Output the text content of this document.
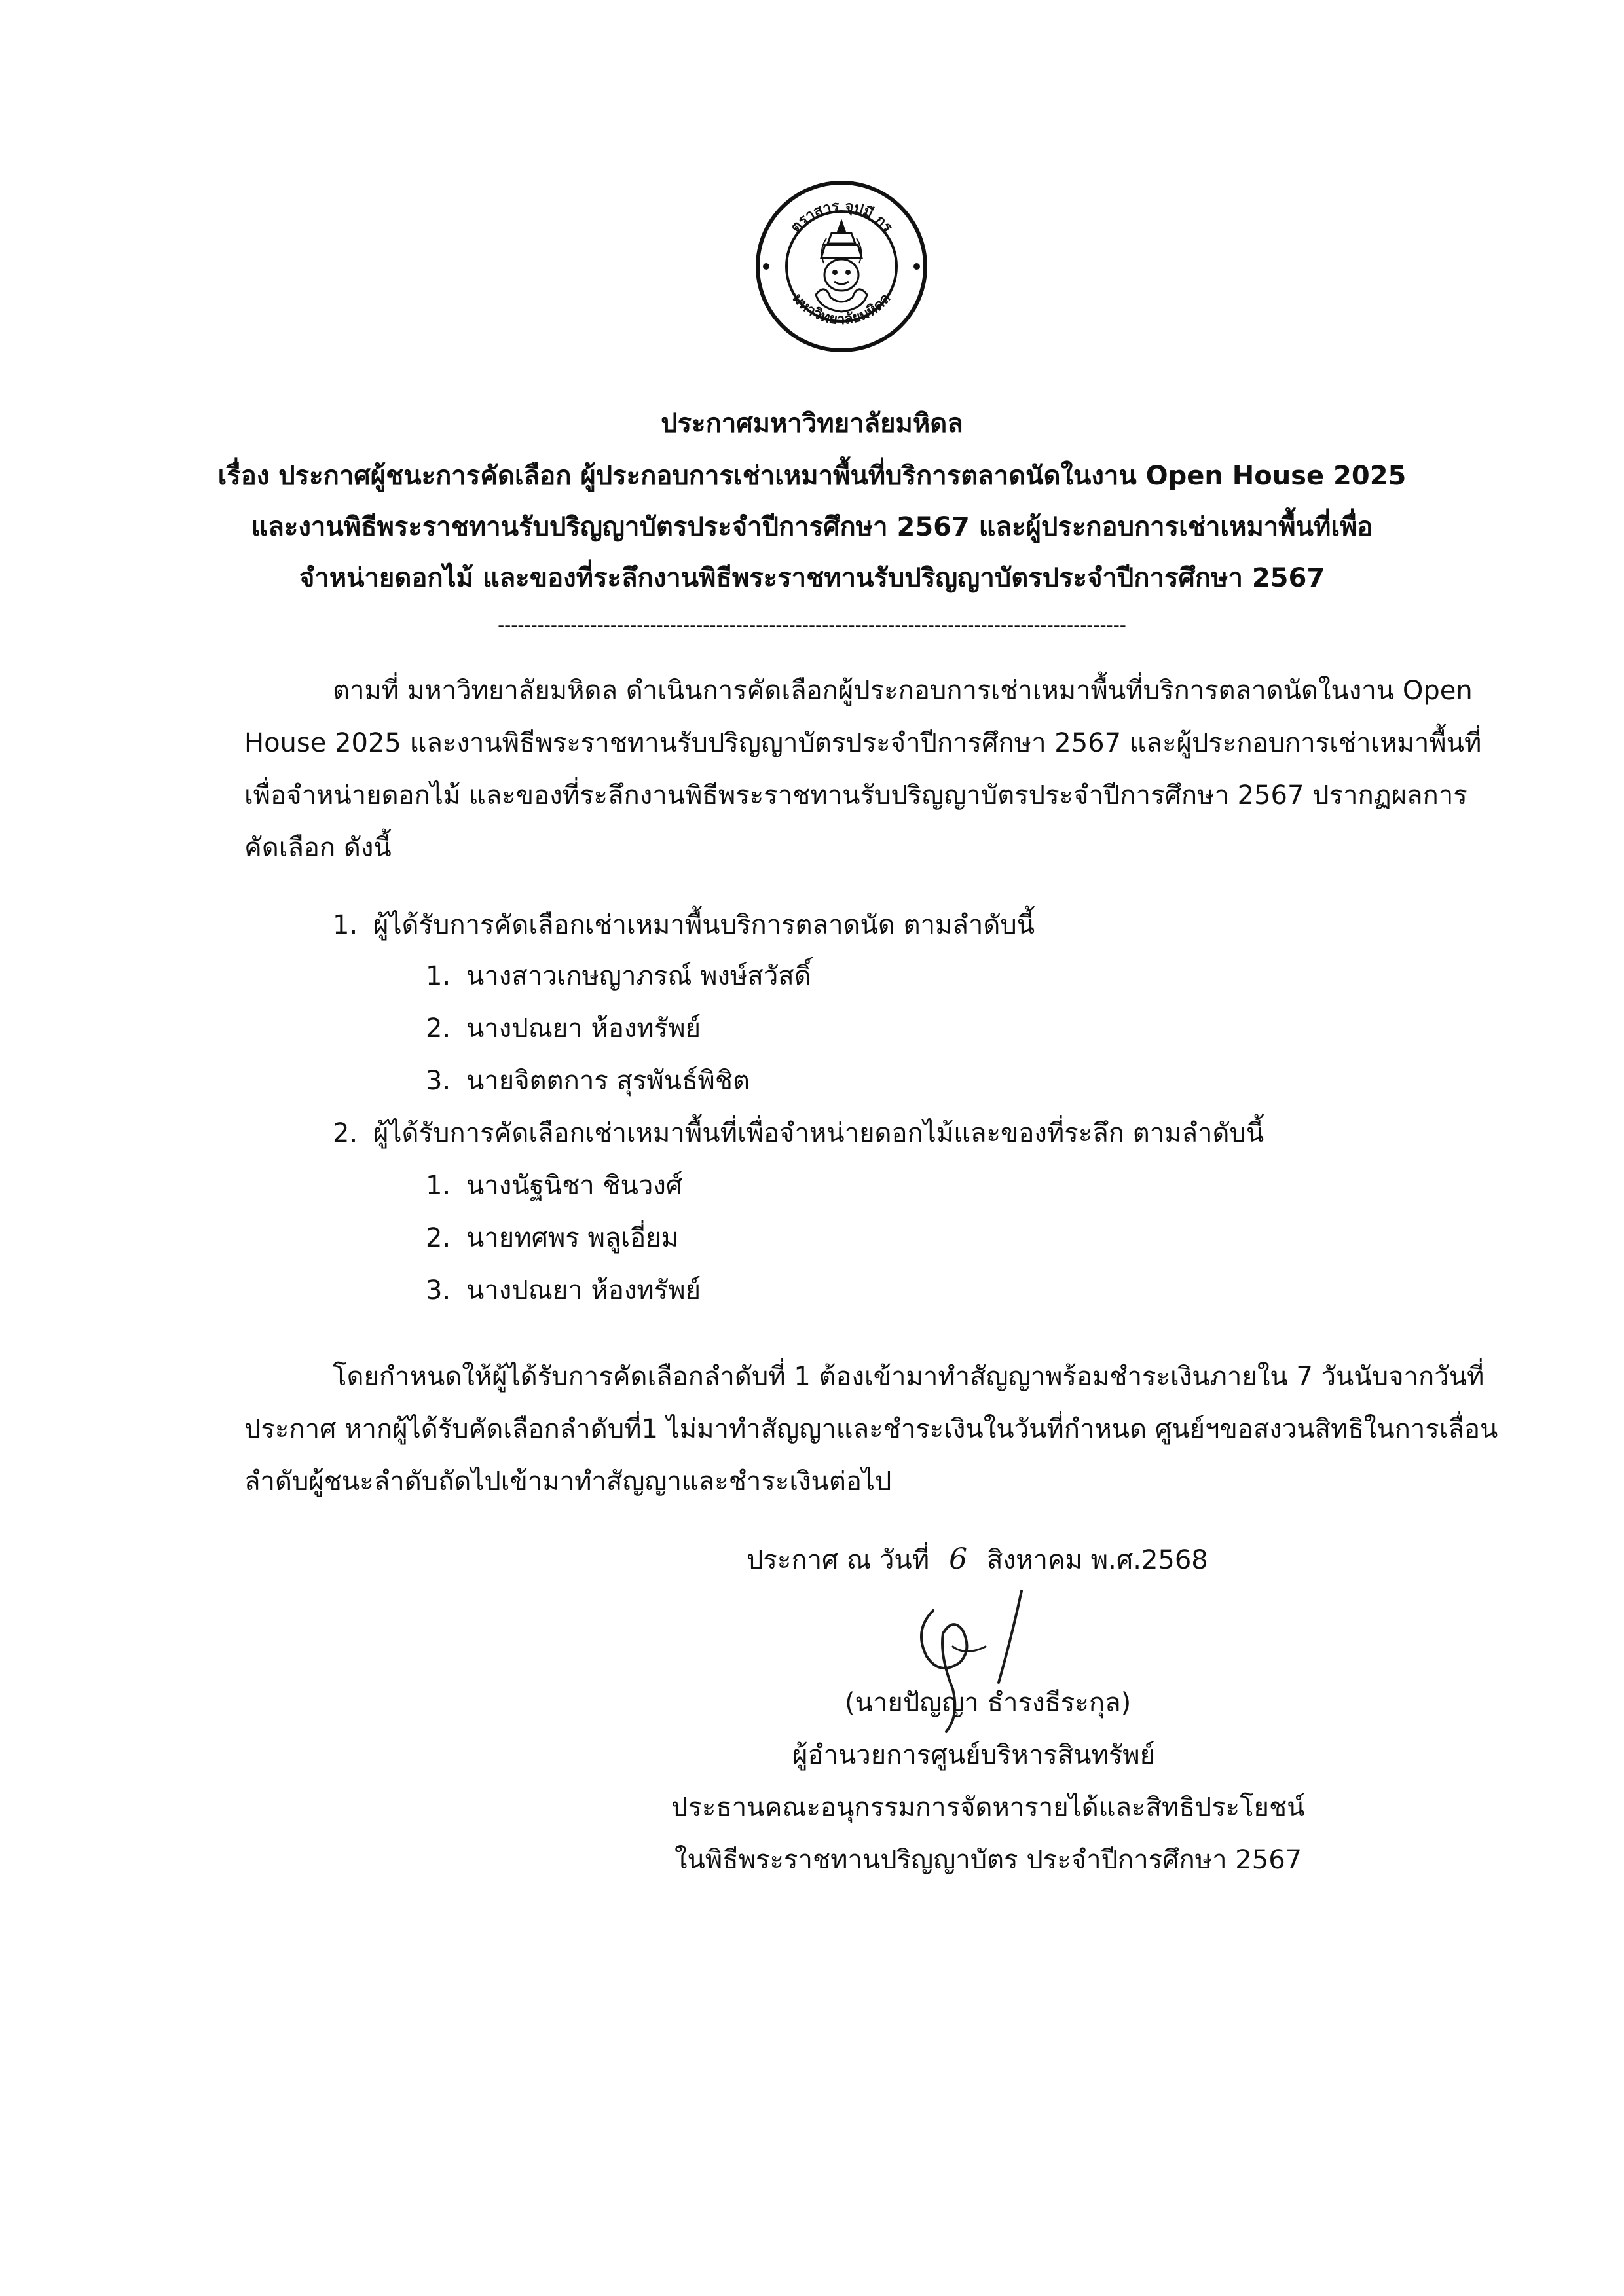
ตราสาร จุปมี กร
มหาวิทยาลัยมหิดล
ประกาศมหาวิทยาลัยมหิดล
เรื่อง ประกาศผู้ชนะการคัดเลือก ผู้ประกอบการเช่าเหมาพื้นที่บริการตลาดนัดในงาน Open House 2025
และงานพิธีพระราชทานรับปริญญาบัตรประจำปีการศึกษา 2567 และผู้ประกอบการเช่าเหมาพื้นที่เพื่อ
จำหน่ายดอกไม้ และของที่ระลึกงานพิธีพระราชทานรับปริญญาบัตรประจำปีการศึกษา 2567
-----------------------------------------------------------------------------------------------
ตามที่ มหาวิทยาลัยมหิดล ดำเนินการคัดเลือกผู้ประกอบการเช่าเหมาพื้นที่บริการตลาดนัดในงาน Open
House 2025 และงานพิธีพระราชทานรับปริญญาบัตรประจำปีการศึกษา 2567 และผู้ประกอบการเช่าเหมาพื้นที่
เพื่อจำหน่ายดอกไม้ และของที่ระลึกงานพิธีพระราชทานรับปริญญาบัตรประจำปีการศึกษา 2567 ปรากฏผลการ
คัดเลือก ดังนี้
1. ผู้ได้รับการคัดเลือกเช่าเหมาพื้นบริการตลาดนัด ตามลำดับนี้
1. นางสาวเกษญาภรณ์ พงษ์สวัสดิ์
2. นางปณยา ห้องทรัพย์
3. นายจิตตการ สุรพันธ์พิชิต
2. ผู้ได้รับการคัดเลือกเช่าเหมาพื้นที่เพื่อจำหน่ายดอกไม้และของที่ระลึก ตามลำดับนี้
1. นางนัฐนิชา ชินวงศ์
2. นายทศพร พลูเอี่ยม
3. นางปณยา ห้องทรัพย์
โดยกำหนดให้ผู้ได้รับการคัดเลือกลำดับที่ 1 ต้องเข้ามาทำสัญญาพร้อมชำระเงินภายใน 7 วันนับจากวันที่
ประกาศ หากผู้ได้รับคัดเลือกลำดับที่1 ไม่มาทำสัญญาและชำระเงินในวันที่กำหนด ศูนย์ฯขอสงวนสิทธิในการเลื่อน
ลำดับผู้ชนะลำดับถัดไปเข้ามาทำสัญญาและชำระเงินต่อไป
ประกาศ ณ วันที่ 6 สิงหาคม พ.ศ.2568
(นายปัญญา ธำรงธีระกุล)
ผู้อำนวยการศูนย์บริหารสินทรัพย์
ประธานคณะอนุกรรมการจัดหารายได้และสิทธิประโยชน์
ในพิธีพระราชทานปริญญาบัตร ประจำปีการศึกษา 2567
